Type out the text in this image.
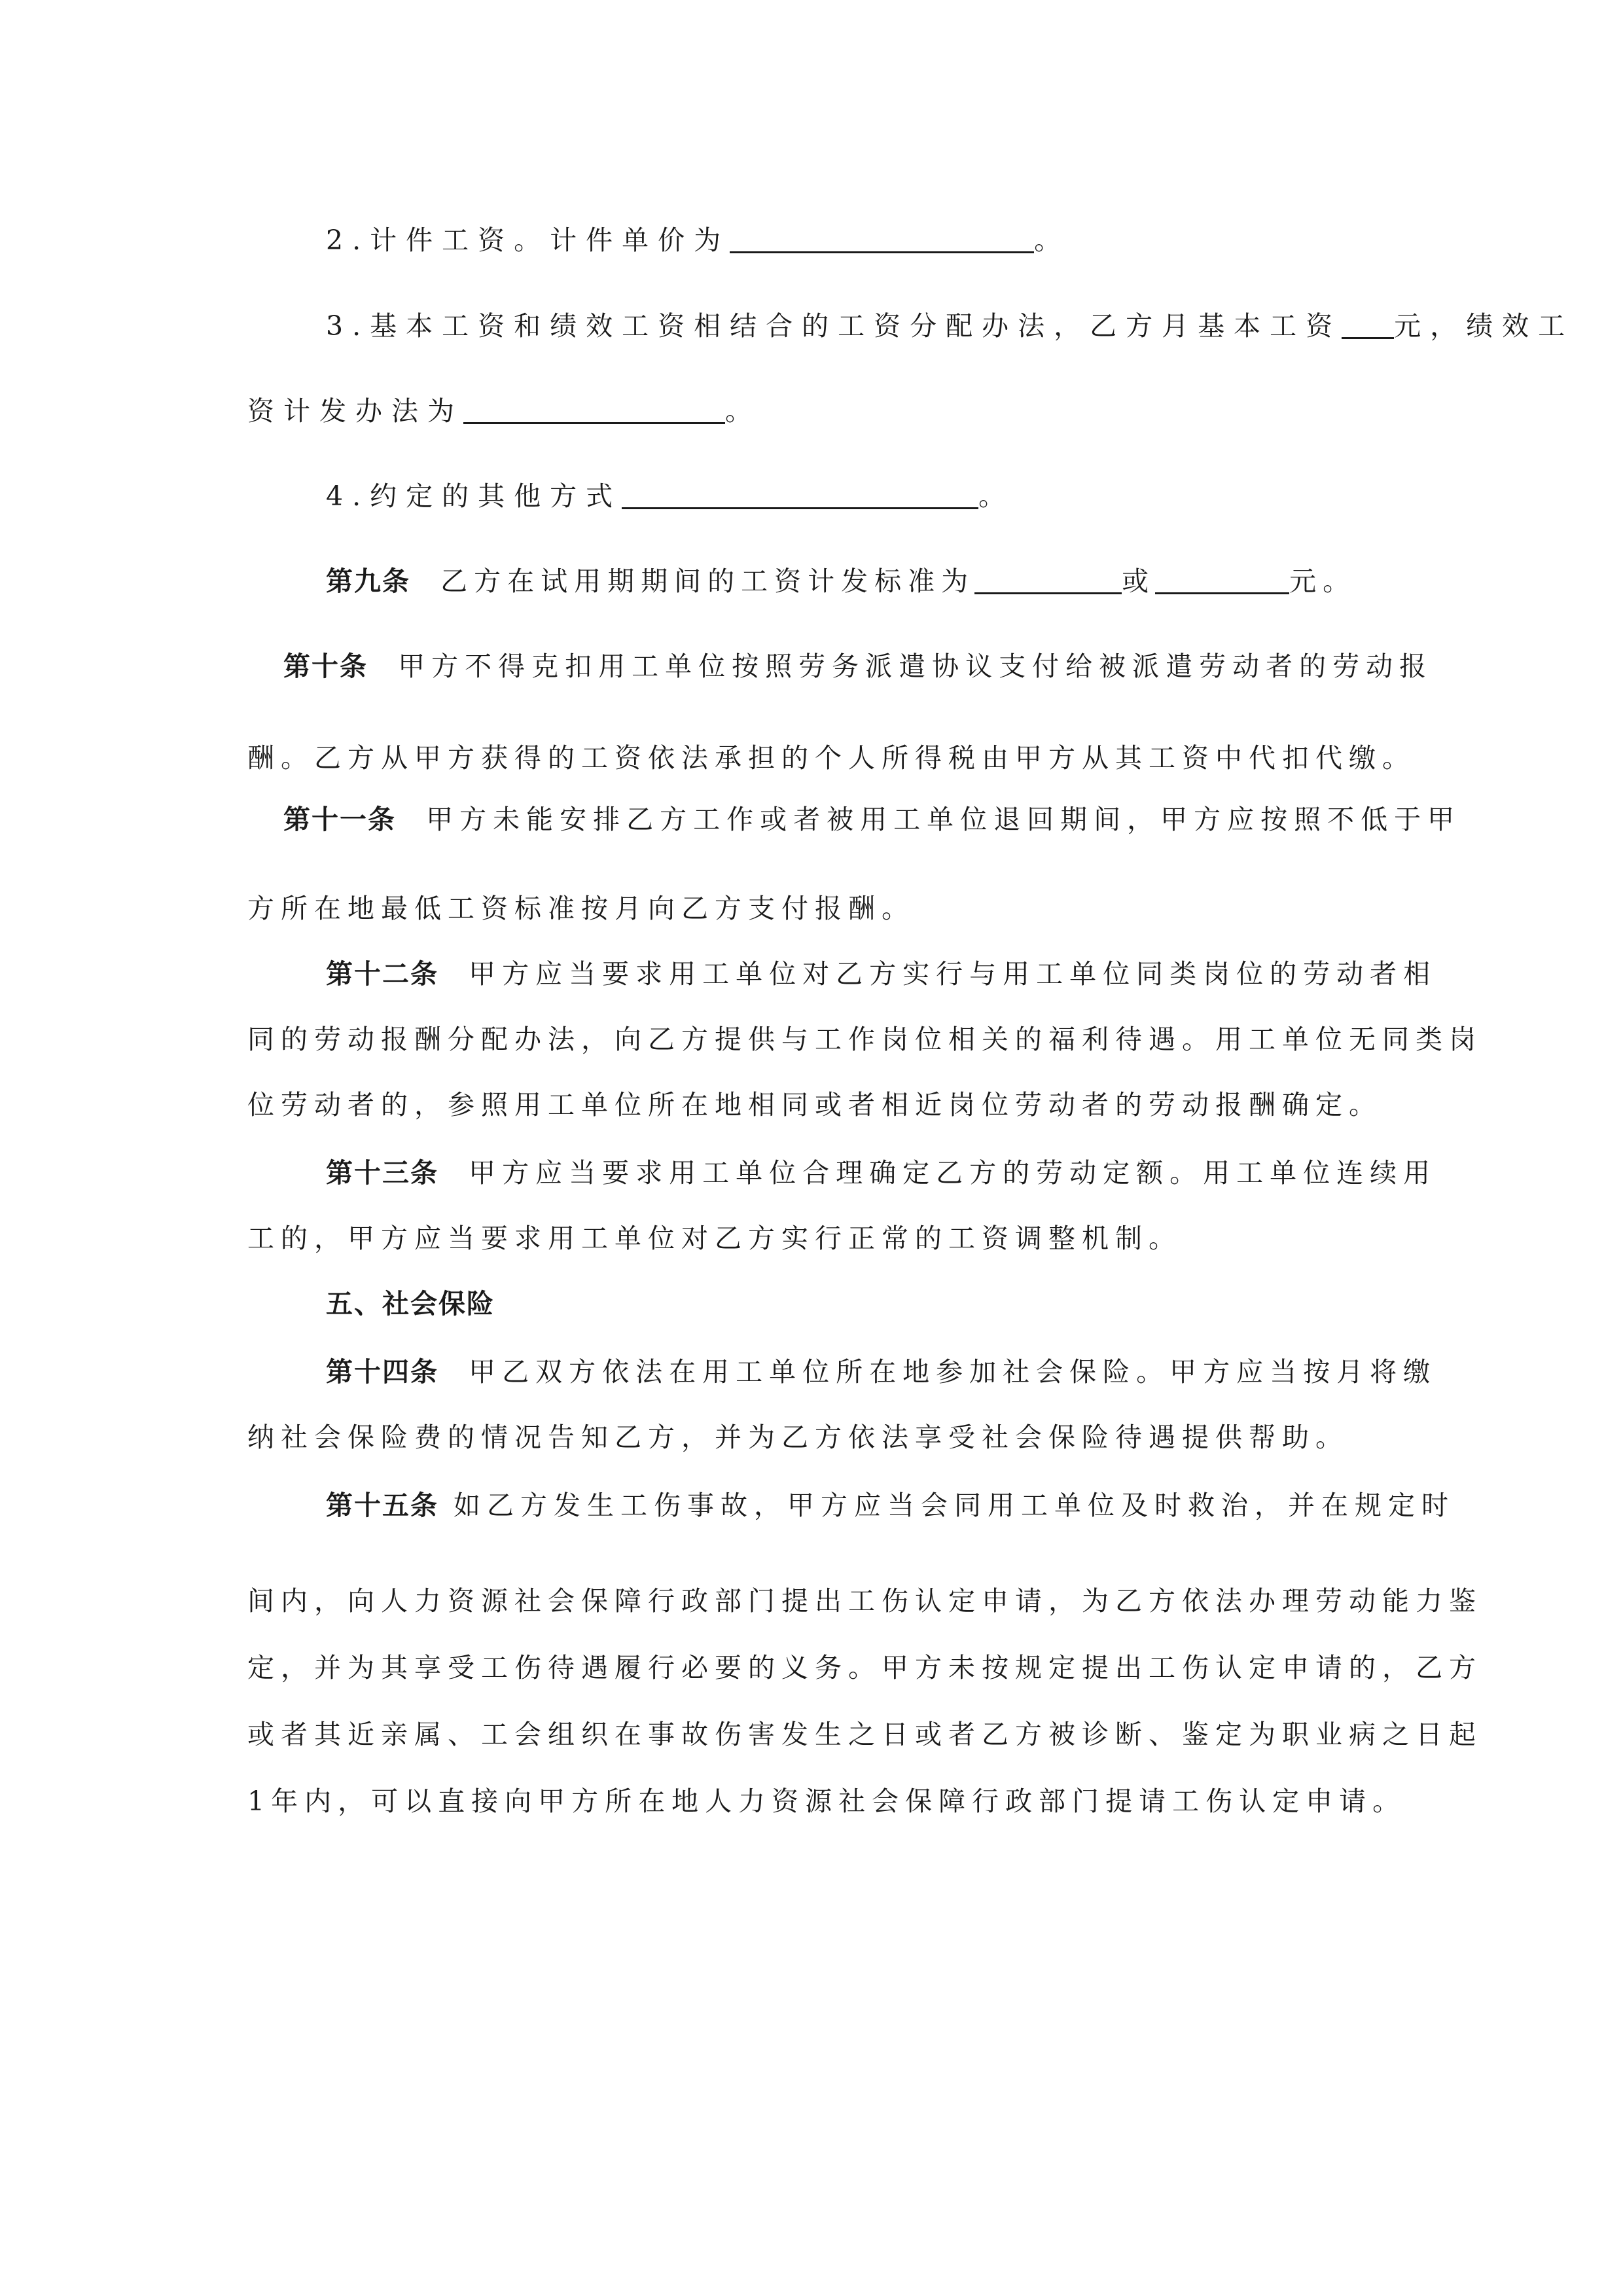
2.计件工资。计件单价为	。
3.基本工资和绩效工资相结合的工资分配办法，乙方月基本工资 元，绩效工
资计发办法为	。
4.约定的其他方式	。
第九条 乙方在试用期期间的工资计发标准为	或	元。
第十条 甲方不得克扣用工单位按照劳务派遣协议支付给被派遣劳动者的劳动报
酬。乙方从甲方获得的工资依法承担的个人所得税由甲方从其工资中代扣代缴。
第十一条 甲方未能安排乙方工作或者被用工单位退回期间，甲方应按照不低于甲
方所在地最低工资标准按月向乙方支付报酬。
第十二条 甲方应当要求用工单位对乙方实行与用工单位同类岗位的劳动者相
同的劳动报酬分配办法，向乙方提供与工作岗位相关的福利待遇。用工单位无同类岗
位劳动者的，参照用工单位所在地相同或者相近岗位劳动者的劳动报酬确定。
第十三条 甲方应当要求用工单位合理确定乙方的劳动定额。用工单位连续用
工的，甲方应当要求用工单位对乙方实行正常的工资调整机制。
五、社会保险
第十四条 甲乙双方依法在用工单位所在地参加社会保险。甲方应当按月将缴
纳社会保险费的情况告知乙方，并为乙方依法享受社会保险待遇提供帮助。
第十五条 如乙方发生工伤事故，甲方应当会同用工单位及时救治，并在规定时
间内，向人力资源社会保障行政部门提出工伤认定申请，为乙方依法办理劳动能力鉴
定，并为其享受工伤待遇履行必要的义务。甲方未按规定提出工伤认定申请的，乙方
或者其近亲属、工会组织在事故伤害发生之日或者乙方被诊断、鉴定为职业病之日起
1年内，可以直接向甲方所在地人力资源社会保障行政部门提请工伤认定申请。
